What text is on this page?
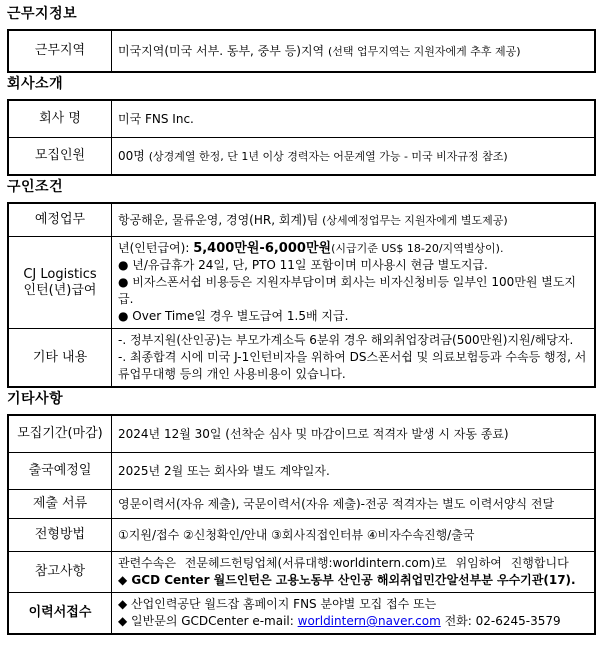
근무지정보
근무지역	미국지역(미국 서부. 동부, 중부 등)지역 (선택 업무지역는 지원자에게 추후 제공)
회사소개
회사 명	미국 FNS Inc.
모집인원	00명 (상경계열 한정, 단 1년 이상 경력자는 어문계열 가능 - 미국 비자규정 참조)
구인조건
예정업무	항공해운, 물류운영, 경영(HR, 회계)팀 (상세예정업무는 지원자에게 별도제공)

CJ Logistics
인턴(년)급여	년(인턴급여): 5,400만원-6,000만원(시급기준 US$ 18-20/지역별상이).
● 년/유급휴가 24일, 단, PTO 11일 포함이며 미사용시 현금 별도지급.
● 비자스폰서쉽 비용등은 지원자부담이며 회사는 비자신청비등 일부인 100만원 별도지급.
● Over Time일 경우 별도급여 1.5배 지급.

기타 내용	-. 정부지원(산인공)는 부모가계소득 6분위 경우 해외취업장려금(500만원)지원/해당자.
-. 최종합격 시에 미국 J-1인턴비자을 위하여 DS스폰서쉽 및 의료보험등과 수속등 행정, 서류업무대행 등의 개인 사용비용이 있습니다.
기타사항
모집기간(마감)	2024년 12월 30일 (선착순 심사 및 마감이므로 적격자 발생 시 자동 종료)
출국예정일	2025년 2월 또는 회사와 별도 계약일자.
제출 서류	영문이력서(자유 제출), 국문이력서(자유 제출)-전공 적격자는 별도 이력서양식 전달
전형방법	①지원/접수 ②신청확인/안내 ③회사직접인터뷰 ④비자수속진행/출국
참고사항	관련수속은 전문헤드헌팅업체(서류대행:worldintern.com)로 위임하여 진행합니다
◆ GCD Center 월드인턴은 고용노동부 산인공 해외취업민간알선부분 우수기관(17).

이력서접수	◆ 산업인력공단 월드잡 홈페이지 FNS 분야별 모집 접수 또는
◆ 일반문의 GCDCenter e-mail: worldintern@naver.com 전화: 02-6245-3579
